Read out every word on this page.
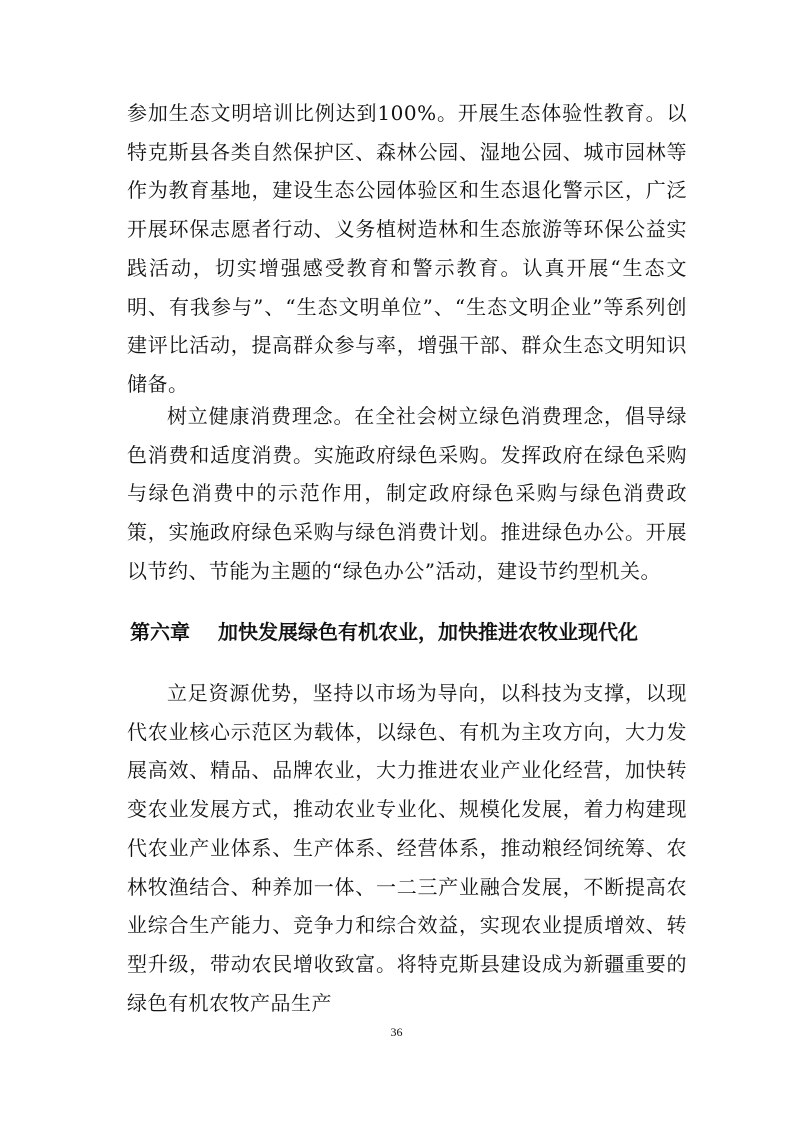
参加生态文明培训比例达到100%。开展生态体验性教育。以特克斯县各类自然保护区、森林公园、湿地公园、城市园林等作为教育基地，建设生态公园体验区和生态退化警示区，广泛开展环保志愿者行动、义务植树造林和生态旅游等环保公益实践活动，切实增强感受教育和警示教育。认真开展“生态文明、有我参与”、“生态文明单位”、“生态文明企业”等系列创建评比活动，提高群众参与率，增强干部、群众生态文明知识储备。

树立健康消费理念。在全社会树立绿色消费理念，倡导绿色消费和适度消费。实施政府绿色采购。发挥政府在绿色采购与绿色消费中的示范作用，制定政府绿色采购与绿色消费政策，实施政府绿色采购与绿色消费计划。推进绿色办公。开展以节约、节能为主题的“绿色办公”活动，建设节约型机关。

第六章 加快发展绿色有机农业，加快推进农牧业现代化

立足资源优势，坚持以市场为导向，以科技为支撑，以现代农业核心示范区为载体，以绿色、有机为主攻方向，大力发展高效、精品、品牌农业，大力推进农业产业化经营，加快转变农业发展方式，推动农业专业化、规模化发展，着力构建现代农业产业体系、生产体系、经营体系，推动粮经饲统筹、农林牧渔结合、种养加一体、一二三产业融合发展，不断提高农业综合生产能力、竞争力和综合效益，实现农业提质增效、转型升级，带动农民增收致富。将特克斯县建设成为新疆重要的绿色有机农牧产品生产

36
